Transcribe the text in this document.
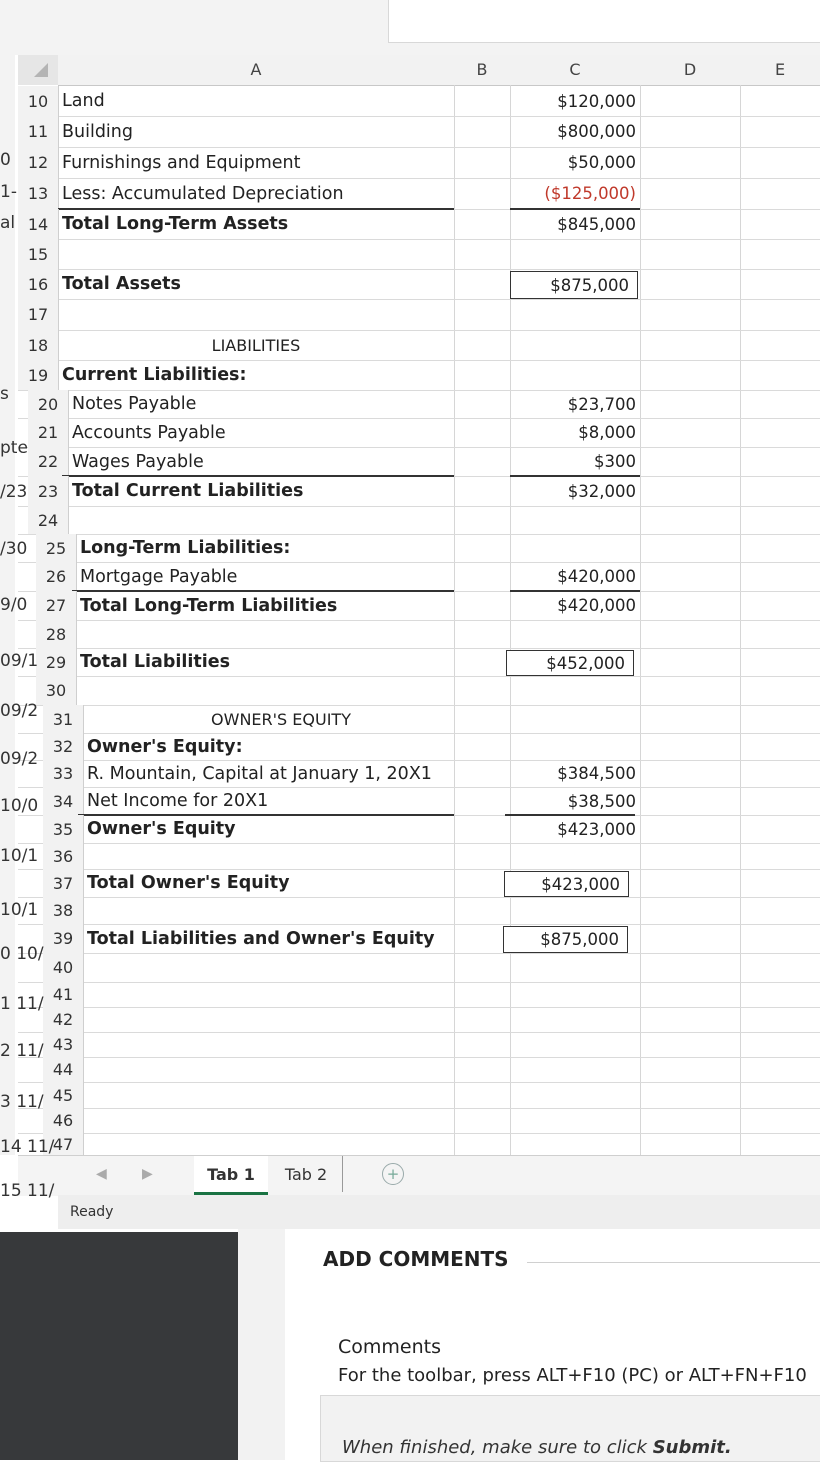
A	B	C	D	E
10 Land	$120,000
11 Building	$800,000
12 Furnishings and Equipment	$50,000
13 Less: Accumulated Depreciation	($125,000)
14 Total Long-Term Assets	$845,000
15
16 Total Assets	$875,000
17
18	LIABILITIES
19 Current Liabilities:
20 Notes Payable	$23,700
21 Accounts Payable	$8,000
22 Wages Payable	$300
23 Total Current Liabilities	$32,000
24
25 Long-Term Liabilities:
26 Mortgage Payable	$420,000
27 Total Long-Term Liabilities	$420,000
28
29 Total Liabilities	$452,000
30
31	OWNER'S EQUITY
32 Owner's Equity:
33 R. Mountain, Capital at January 1, 20X1	$384,500
34 Net Income for 20X1	$38,500
35 Owner's Equity	$423,000
36
37 Total Owner's Equity	$423,000
38
39 Total Liabilities and Owner's Equity	$875,000
40
41
42
43
44
45
46
47
0
1-
al
s
pte
/23
/30
9/0
09/1
09/2
09/2
10/0
10/1
10/1
0 10/
1 11/
2 11/
3 11/
14 11/
15 11/
◀	▶	Tab 1	Tab 2	+
Ready
ADD COMMENTS
Comments
For the toolbar, press ALT+F10 (PC) or ALT+FN+F10
When finished, make sure to click Submit.
